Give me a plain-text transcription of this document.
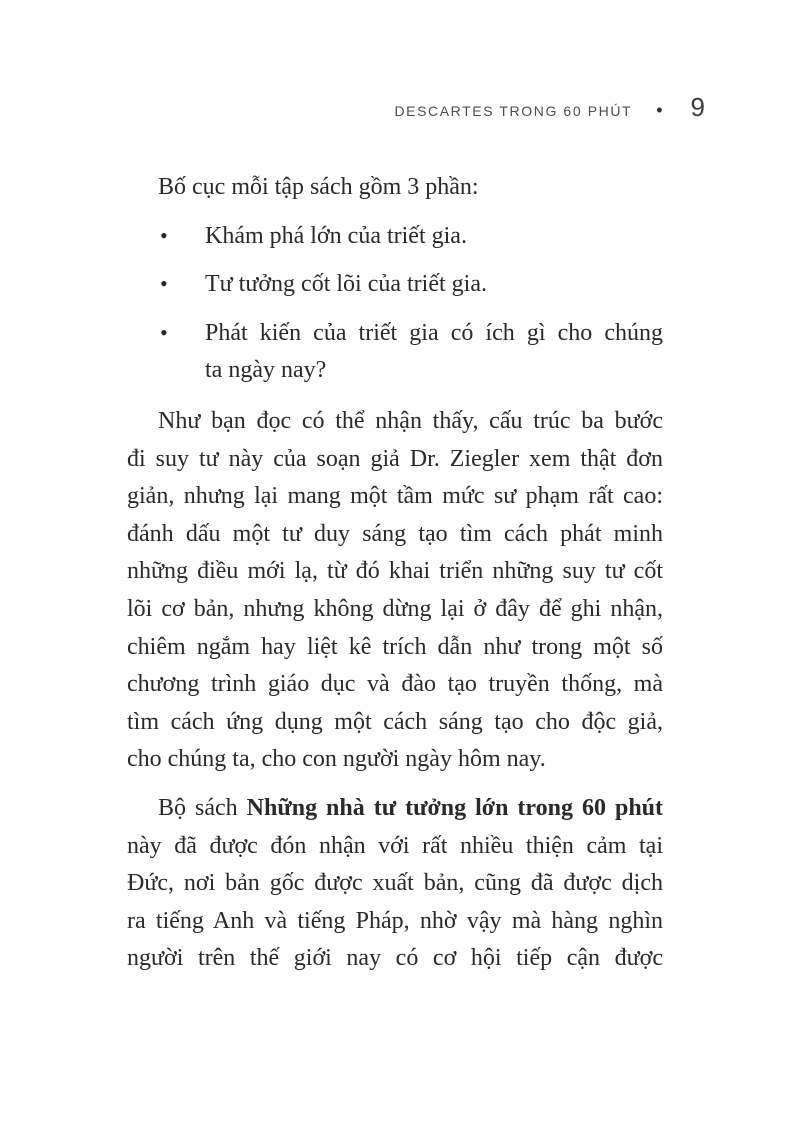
DESCARTES TRONG 60 PHÚT • 9
Bố cục mỗi tập sách gồm 3 phần:
• Khám phá lớn của triết gia.
• Tư tưởng cốt lõi của triết gia.
• Phát kiến của triết gia có ích gì cho chúng
ta ngày nay?
Như bạn đọc có thể nhận thấy, cấu trúc ba bước
đi suy tư này của soạn giả Dr. Ziegler xem thật đơn
giản, nhưng lại mang một tầm mức sư phạm rất cao:
đánh dấu một tư duy sáng tạo tìm cách phát minh
những điều mới lạ, từ đó khai triển những suy tư cốt
lõi cơ bản, nhưng không dừng lại ở đây để ghi nhận,
chiêm ngắm hay liệt kê trích dẫn như trong một số
chương trình giáo dục và đào tạo truyền thống, mà
tìm cách ứng dụng một cách sáng tạo cho độc giả,
cho chúng ta, cho con người ngày hôm nay.
Bộ sách Những nhà tư tưởng lớn trong 60 phút
này đã được đón nhận với rất nhiều thiện cảm tại
Đức, nơi bản gốc được xuất bản, cũng đã được dịch
ra tiếng Anh và tiếng Pháp, nhờ vậy mà hàng nghìn
người trên thế giới nay có cơ hội tiếp cận được
